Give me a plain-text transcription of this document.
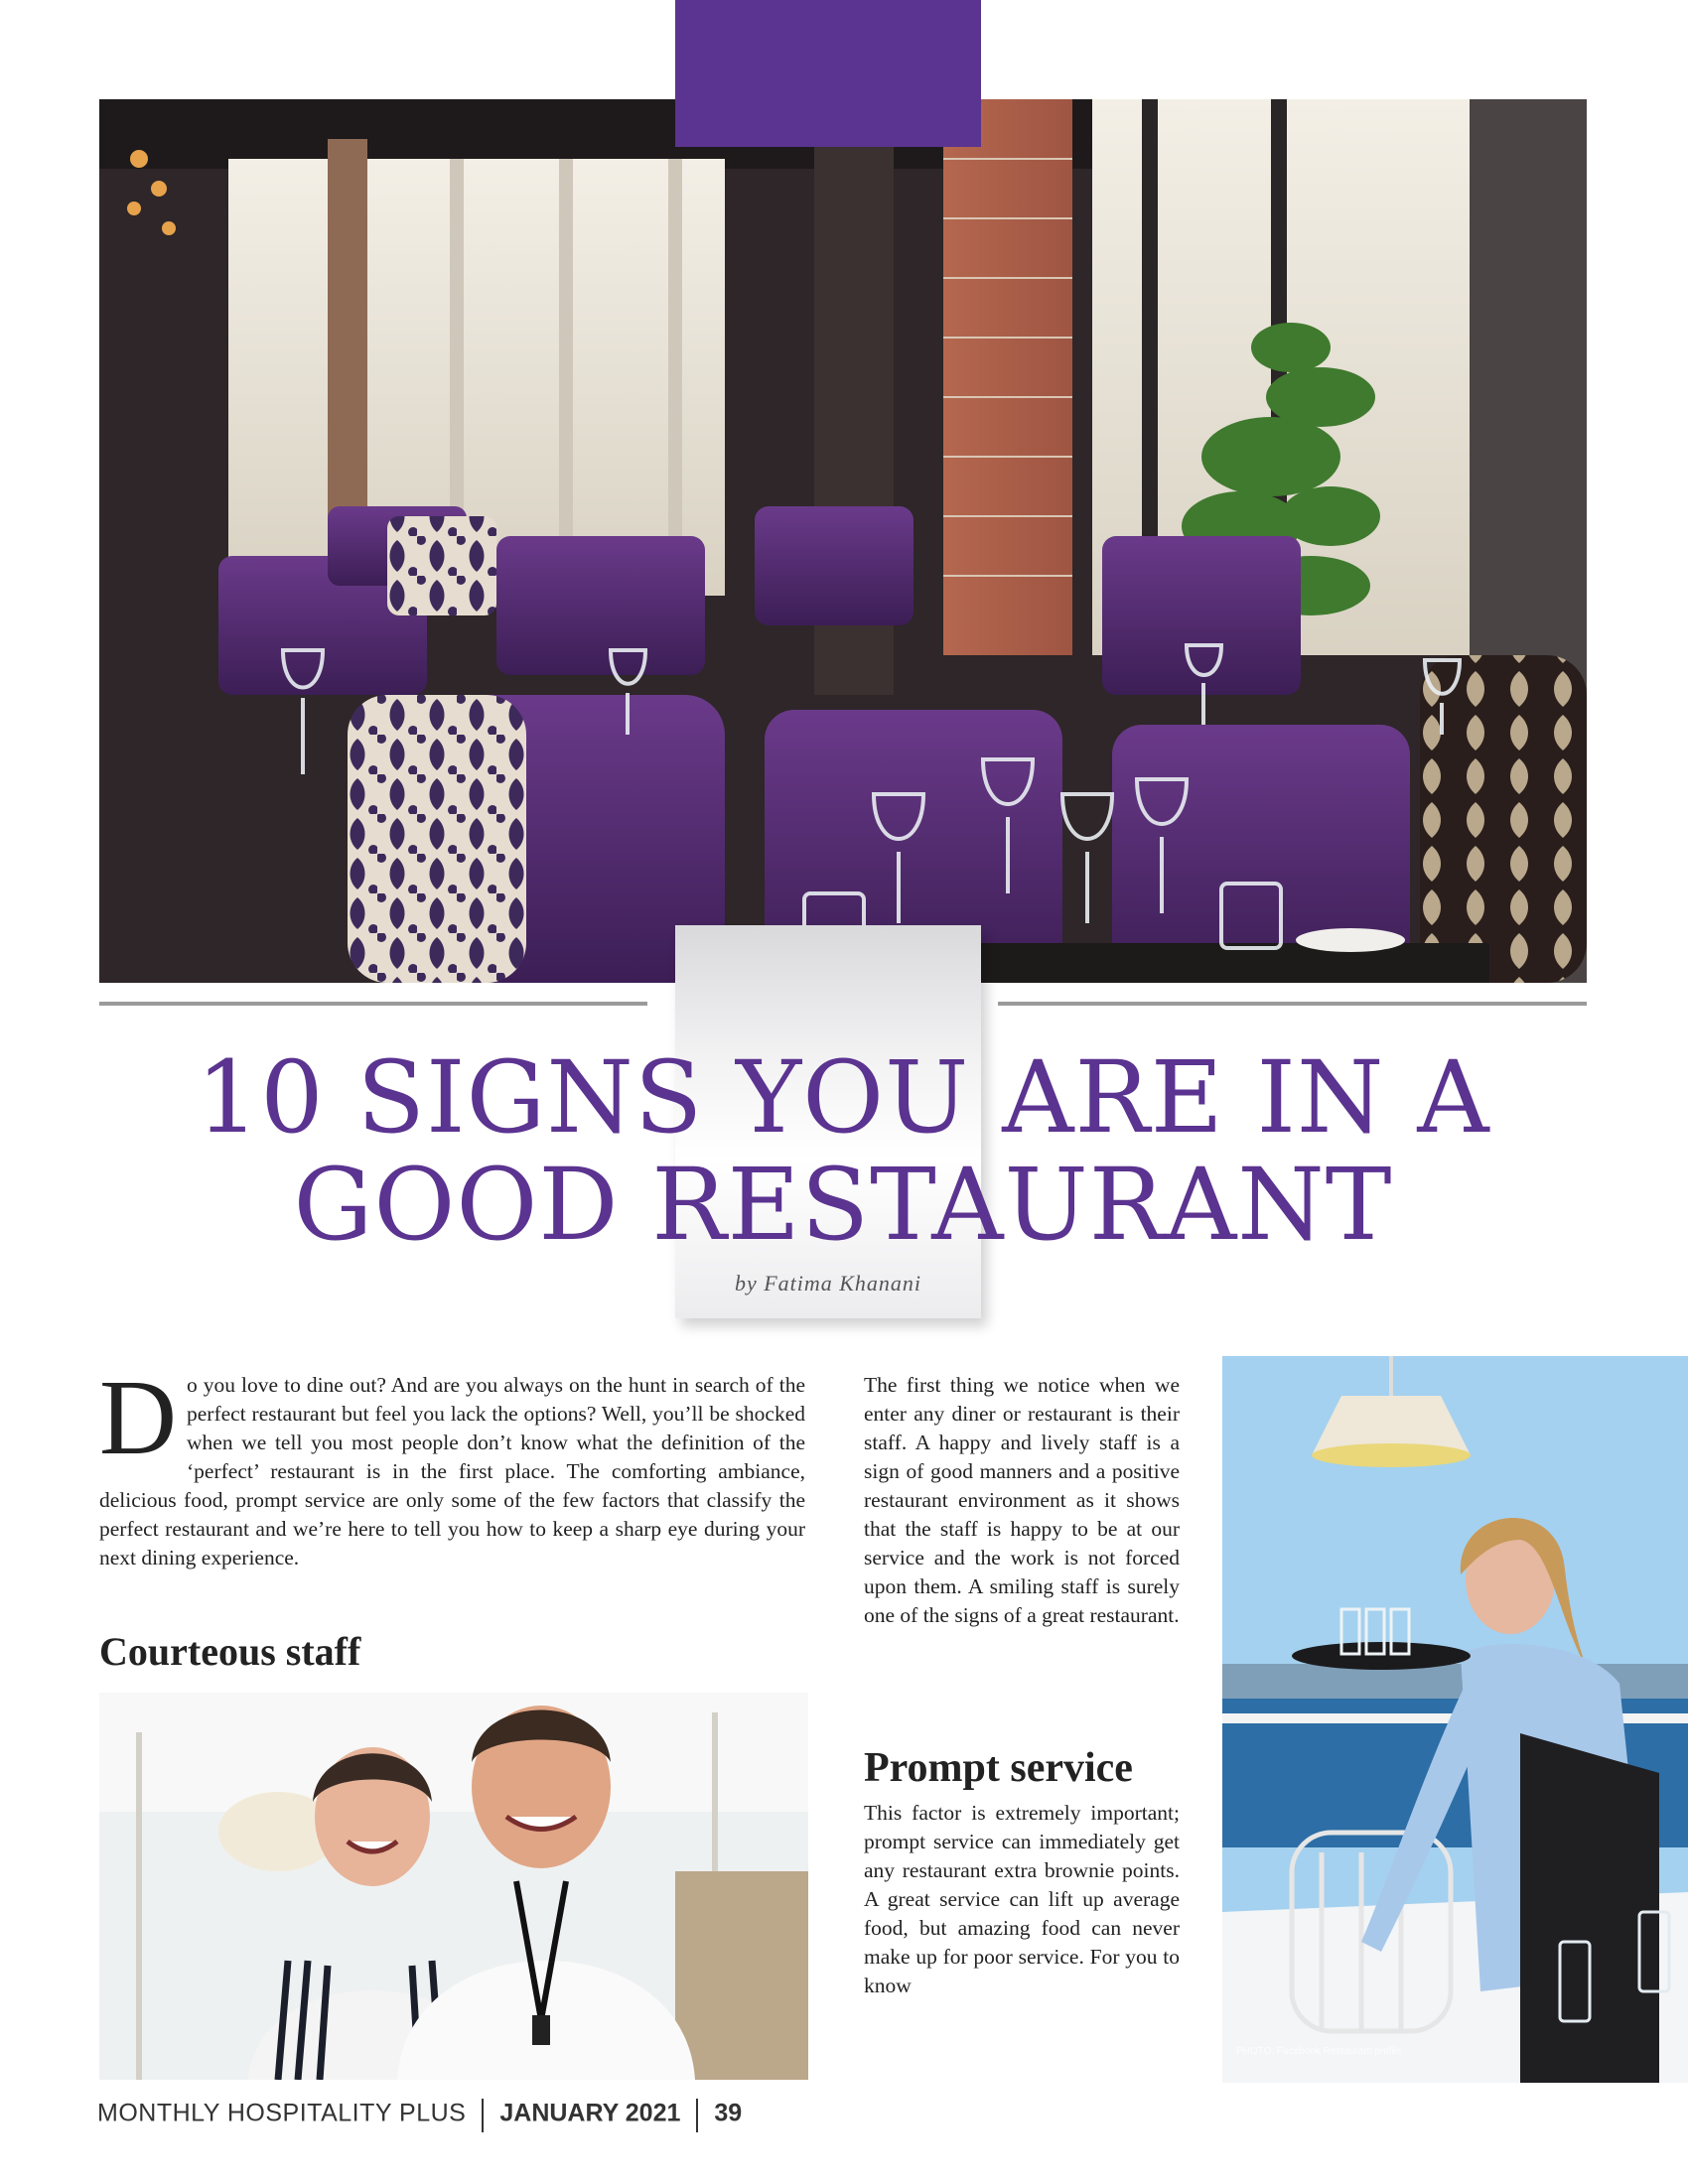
10 SIGNS YOU ARE IN A
GOOD RESTAURANT
by Fatima Khanani
Do you love to dine out? And are you always on the hunt in search of the perfect restaurant but feel you lack the options? Well, you’ll be shocked when we tell you most people don’t know what the definition of the ‘perfect’ restaurant is in the first place. The comforting ambiance, delicious food, prompt service are only some of the few factors that classify the perfect restaurant and we’re here to tell you how to keep a sharp eye during your next dining experience.
Courteous staff
The first thing we notice when we enter any diner or restaurant is their staff. A happy and lively staff is a sign of good manners and a positive restaurant environment as it shows that the staff is happy to be at our service and the work is not forced upon them. A smiling staff is surely one of the signs of a great restaurant.
Prompt service
This factor is extremely important; prompt service can immediately get any restaurant extra brownie points. A great service can lift up average food, but amazing food can never make up for poor service. For you to know
PHOTO: Facebook Restaurant profile
MONTHLY HOSPITALITY PLUS JANUARY 2021 39
